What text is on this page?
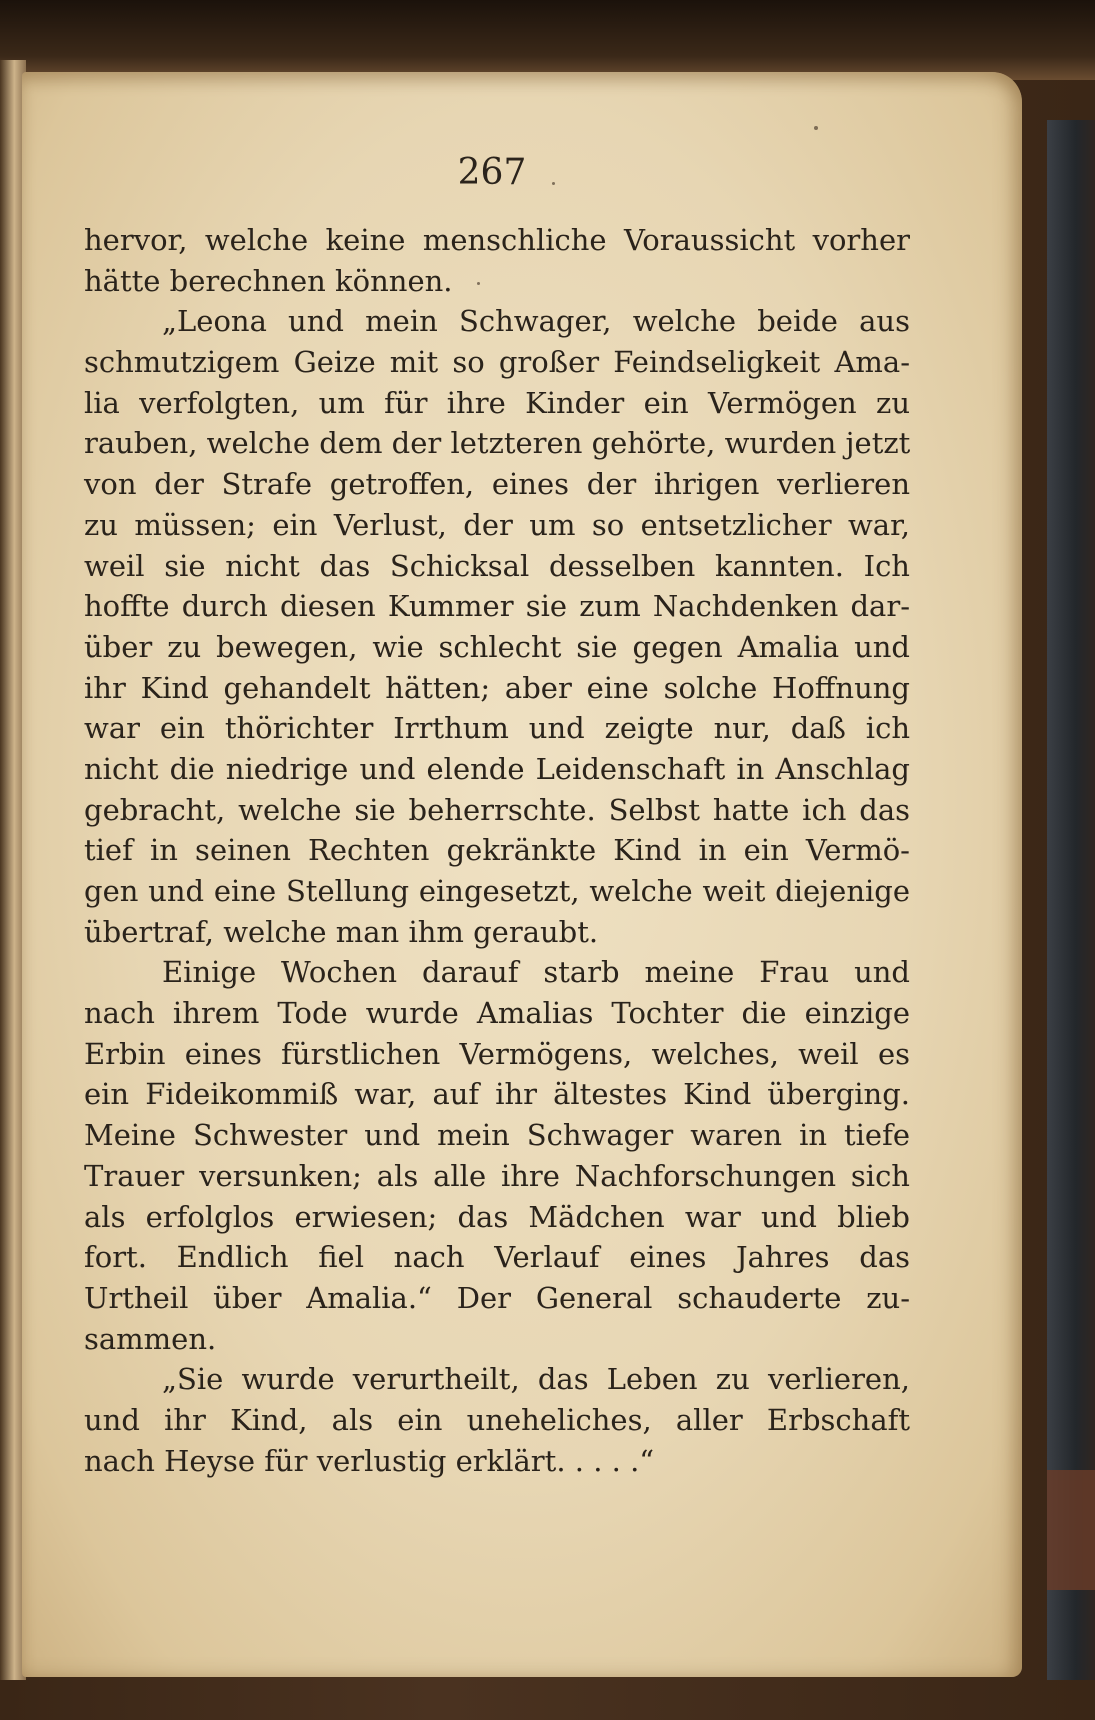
267
hervor, welche keine menschliche Voraussicht vorher
hätte berechnen können.
„Leona und mein Schwager, welche beide aus
schmutzigem Geize mit so großer Feindseligkeit Ama-
lia verfolgten, um für ihre Kinder ein Vermögen zu
rauben, welche dem der letzteren gehörte, wurden jetzt
von der Strafe getroffen, eines der ihrigen verlieren
zu müssen; ein Verlust, der um so entsetzlicher war,
weil sie nicht das Schicksal desselben kannten. Ich
hoffte durch diesen Kummer sie zum Nachdenken dar-
über zu bewegen, wie schlecht sie gegen Amalia und
ihr Kind gehandelt hätten; aber eine solche Hoffnung
war ein thörichter Irrthum und zeigte nur, daß ich
nicht die niedrige und elende Leidenschaft in Anschlag
gebracht, welche sie beherrschte. Selbst hatte ich das
tief in seinen Rechten gekränkte Kind in ein Vermö-
gen und eine Stellung eingesetzt, welche weit diejenige
übertraf, welche man ihm geraubt.
Einige Wochen darauf starb meine Frau und
nach ihrem Tode wurde Amalias Tochter die einzige
Erbin eines fürstlichen Vermögens, welches, weil es
ein Fideikommiß war, auf ihr ältestes Kind überging.
Meine Schwester und mein Schwager waren in tiefe
Trauer versunken; als alle ihre Nachforschungen sich
als erfolglos erwiesen; das Mädchen war und blieb
fort. Endlich fiel nach Verlauf eines Jahres das
Urtheil über Amalia.“ Der General schauderte zu-
sammen.
„Sie wurde verurtheilt, das Leben zu verlieren,
und ihr Kind, als ein uneheliches, aller Erbschaft
nach Heyse für verlustig erklärt. . . . .“
